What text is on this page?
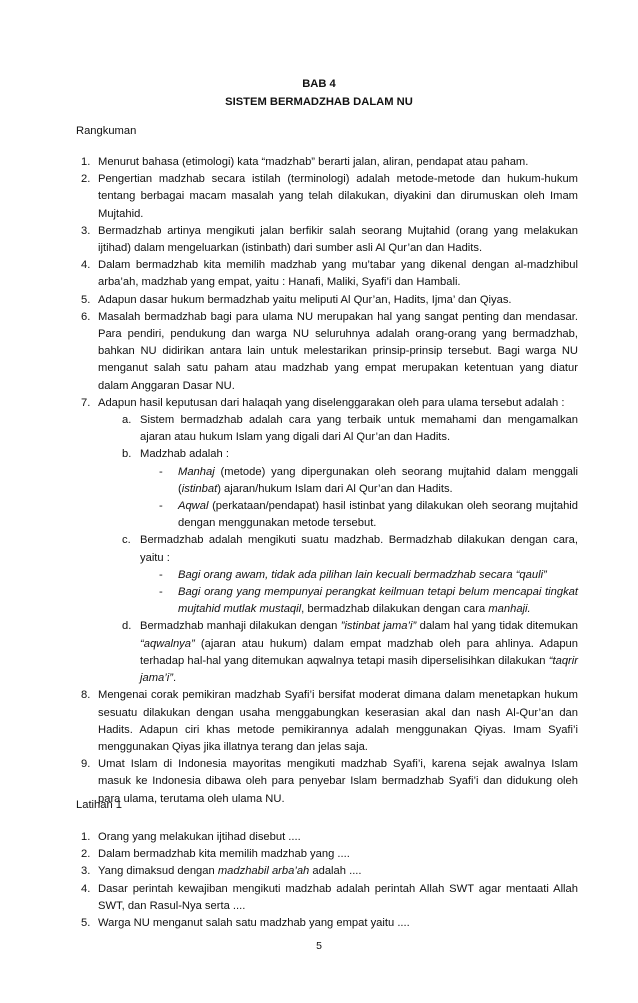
BAB 4
SISTEM BERMADZHAB DALAM NU
Rangkuman
1. Menurut bahasa (etimologi) kata “madzhab” berarti jalan, aliran, pendapat atau paham.
2. Pengertian madzhab secara istilah (terminologi) adalah metode-metode dan hukum-hukum tentang berbagai macam masalah yang telah dilakukan, diyakini dan dirumuskan oleh Imam Mujtahid.
3. Bermadzhab artinya mengikuti jalan berfikir salah seorang Mujtahid (orang yang melakukan ijtihad) dalam mengeluarkan (istinbath) dari sumber asli Al Qur’an dan Hadits.
4. Dalam bermadzhab kita memilih madzhab yang mu’tabar yang dikenal dengan al-madzhibul arba’ah, madzhab yang empat, yaitu : Hanafi, Maliki, Syafi’i dan Hambali.
5. Adapun dasar hukum bermadzhab yaitu meliputi Al Qur’an, Hadits, Ijma’ dan Qiyas.
6. Masalah bermadzhab bagi para ulama NU merupakan hal yang sangat penting dan mendasar. Para pendiri, pendukung dan warga NU seluruhnya adalah orang-orang yang bermadzhab, bahkan NU didirikan antara lain untuk melestarikan prinsip-prinsip tersebut. Bagi warga NU menganut salah satu paham atau madzhab yang empat merupakan ketentuan yang diatur dalam Anggaran Dasar NU.
7. Adapun hasil keputusan dari halaqah yang diselenggarakan oleh para ulama tersebut adalah :
a. Sistem bermadzhab adalah cara yang terbaik untuk memahami dan mengamalkan ajaran atau hukum Islam yang digali dari Al Qur’an dan Hadits.
b. Madzhab adalah :
- Manhaj (metode) yang dipergunakan oleh seorang mujtahid dalam menggali (istinbat) ajaran/hukum Islam dari Al Qur’an dan Hadits.
- Aqwal (perkataan/pendapat) hasil istinbat yang dilakukan oleh seorang mujtahid dengan menggunakan metode tersebut.
c. Bermadzhab adalah mengikuti suatu madzhab. Bermadzhab dilakukan dengan cara, yaitu :
- Bagi orang awam, tidak ada pilihan lain kecuali bermadzhab secara “qauli”
- Bagi orang yang mempunyai perangkat keilmuan tetapi belum mencapai tingkat mujtahid mutlak mustaqil, bermadzhab dilakukan dengan cara manhaji.
d. Bermadzhab manhaji dilakukan dengan ”istinbat jama’i” dalam hal yang tidak ditemukan “aqwalnya” (ajaran atau hukum) dalam empat madzhab oleh para ahlinya. Adapun terhadap hal-hal yang ditemukan aqwalnya tetapi masih diperselisihkan dilakukan “taqrir jama’i”.
8. Mengenai corak pemikiran madzhab Syafi’i bersifat moderat dimana dalam menetapkan hukum sesuatu dilakukan dengan usaha menggabungkan keserasian akal dan nash Al-Qur’an dan Hadits. Adapun ciri khas metode pemikirannya adalah menggunakan Qiyas. Imam Syafi’i menggunakan Qiyas jika illatnya terang dan jelas saja.
9. Umat Islam di Indonesia mayoritas mengikuti madzhab Syafi’i, karena sejak awalnya Islam masuk ke Indonesia dibawa oleh para penyebar Islam bermadzhab Syafi’i dan didukung oleh para ulama, terutama oleh ulama NU.
Latihan 1
1. Orang yang melakukan ijtihad disebut ....
2. Dalam bermadzhab kita memilih madzhab yang ....
3. Yang dimaksud dengan madzhabil arba’ah adalah ....
4. Dasar perintah kewajiban mengikuti madzhab adalah perintah Allah SWT agar mentaati Allah SWT, dan Rasul-Nya serta ....
5. Warga NU menganut salah satu madzhab yang empat yaitu ....
5
